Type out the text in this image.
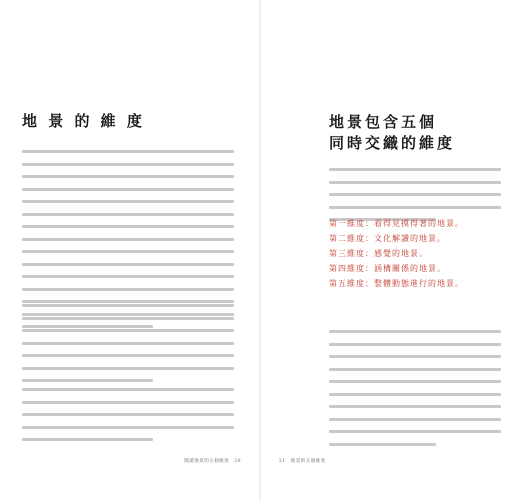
地 景 的 維 度

閱讀地景的五個維度　20

地景包含五個
同時交織的維度
第一維度：看得見摸得著的地景。
第二維度：文化解讀的地景。
第三維度：感覺的地景。
第四維度：涵構關係的地景。
第五維度：整體動態進行的地景。

21　地景的五個維度
